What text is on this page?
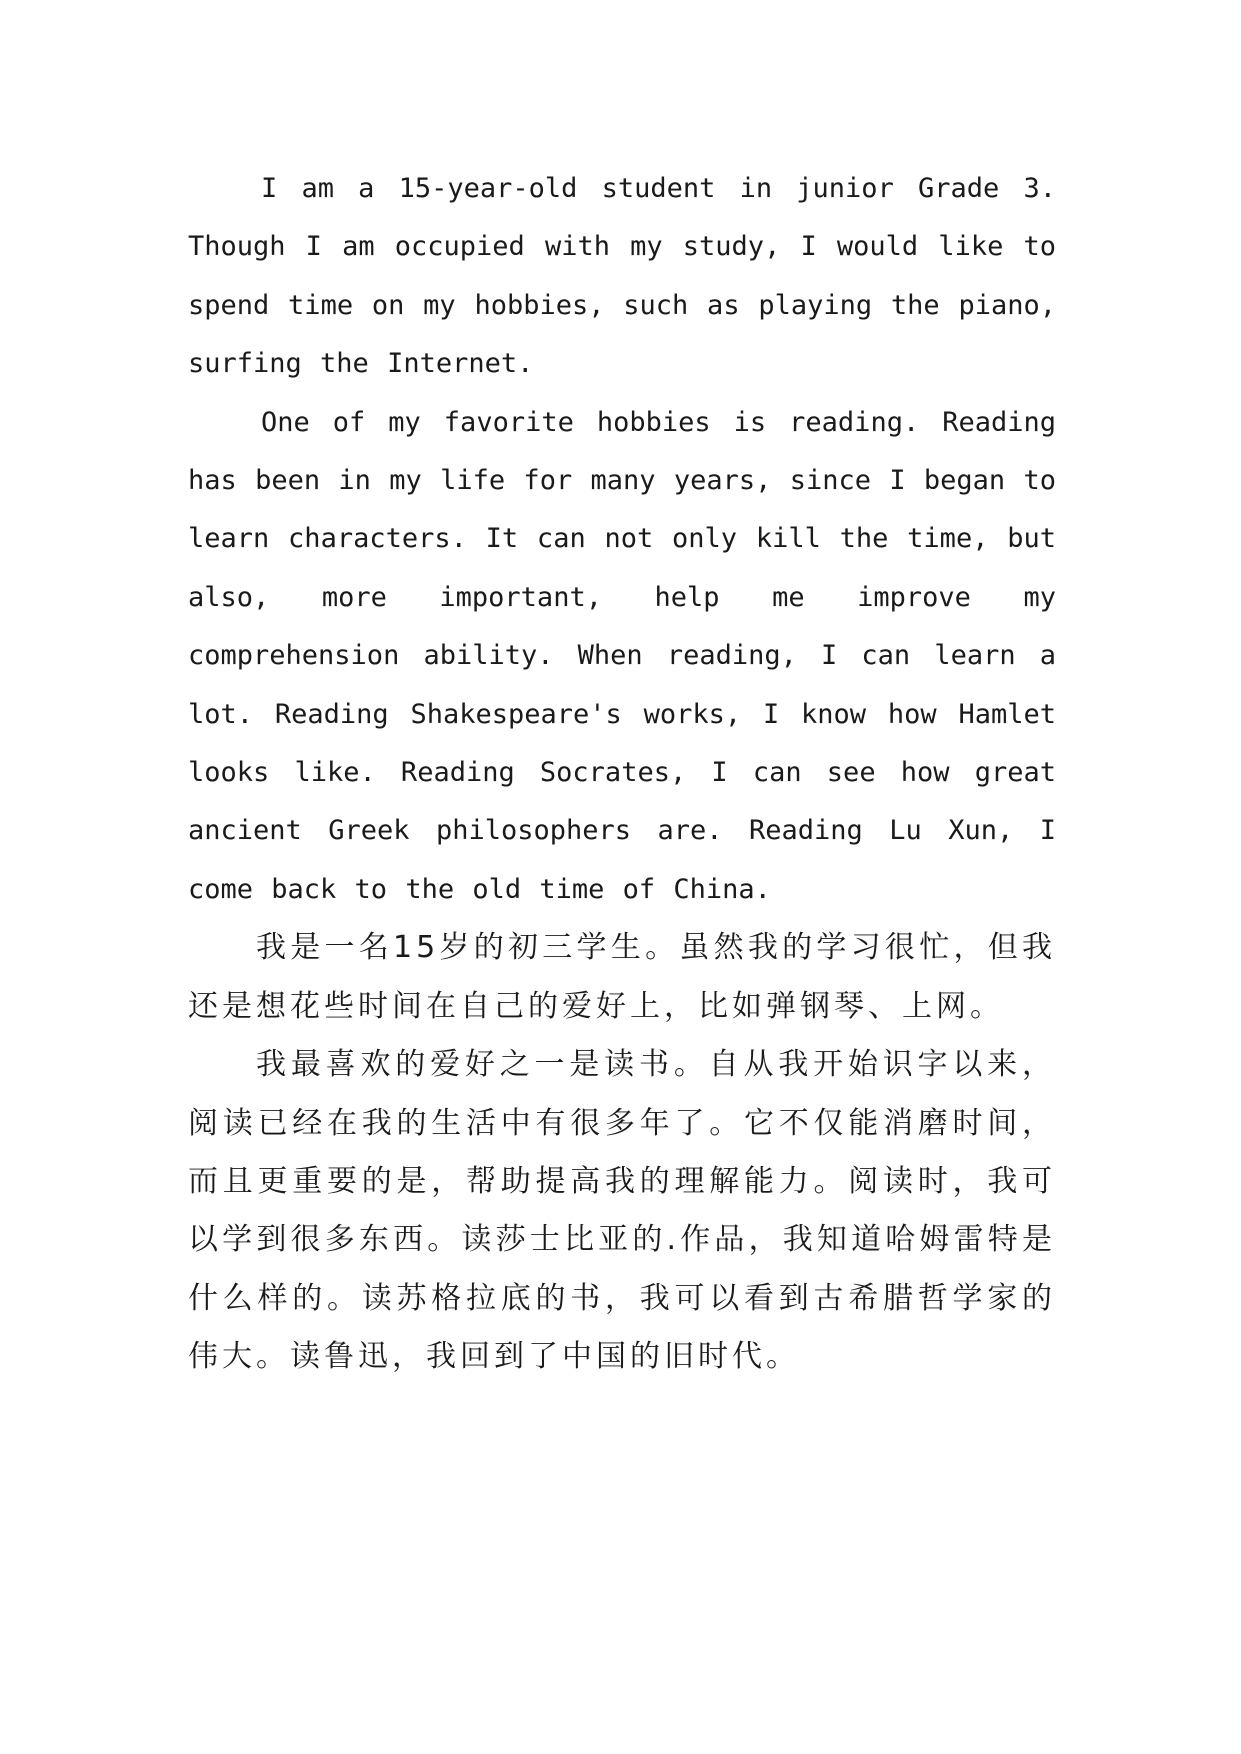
I am a 15-year-old student in junior Grade 3. Though I am occupied with my study, I would like to spend time on my hobbies, such as playing the piano, surfing the Internet.

One of my favorite hobbies is reading. Reading has been in my life for many years, since I began to learn characters. It can not only kill the time, but also, more important, help me improve my comprehension ability. When reading, I can learn a lot. Reading Shakespeare's works, I know how Hamlet looks like. Reading Socrates, I can see how great ancient Greek philosophers are. Reading Lu Xun, I come back to the old time of China.

我是一名15岁的初三学生。虽然我的学习很忙，但我还是想花些时间在自己的爱好上，比如弹钢琴、上网。

我最喜欢的爱好之一是读书。自从我开始识字以来，阅读已经在我的生活中有很多年了。它不仅能消磨时间，而且更重要的是，帮助提高我的理解能力。阅读时，我可以学到很多东西。读莎士比亚的.作品，我知道哈姆雷特是什么样的。读苏格拉底的书，我可以看到古希腊哲学家的伟大。读鲁迅，我回到了中国的旧时代。
